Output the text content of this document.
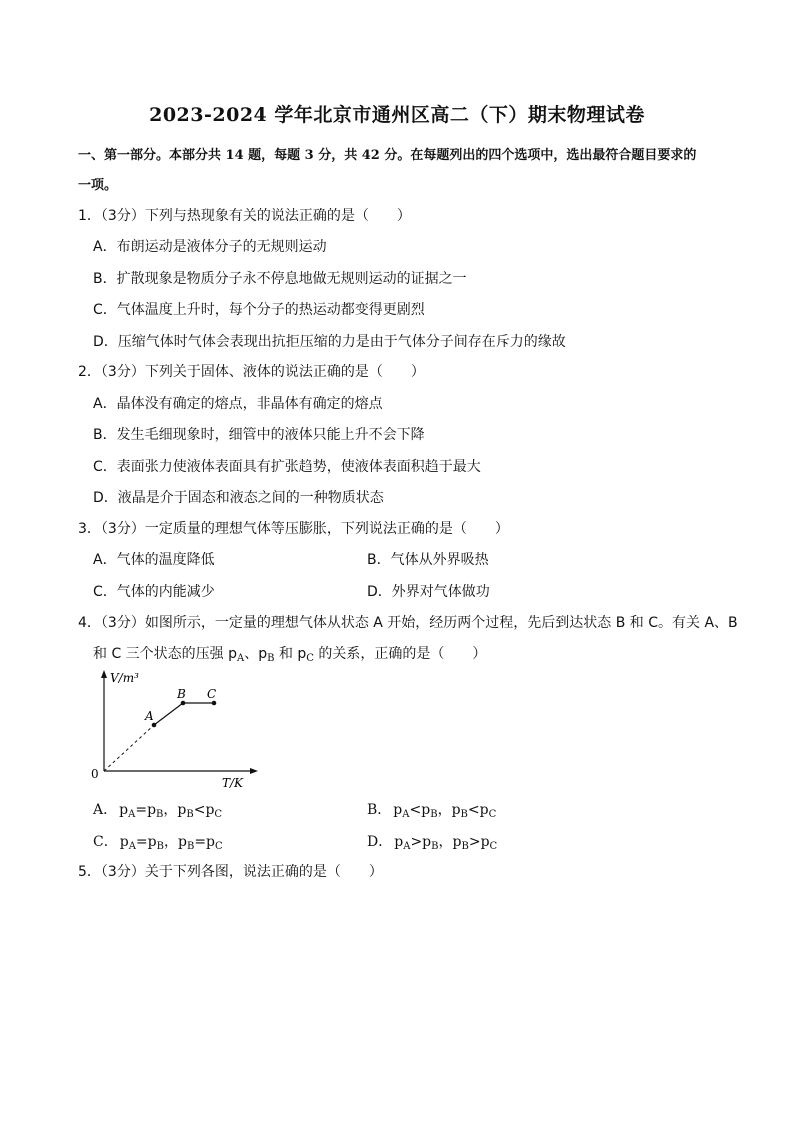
2023-2024 学年北京市通州区高二（下）期末物理试卷
一、第一部分。本部分共 14 题，每题 3 分，共 42 分。在每题列出的四个选项中，选出最符合题目要求的
一项。
1．（3分）下列与热现象有关的说法正确的是（　　）
A．布朗运动是液体分子的无规则运动
B．扩散现象是物质分子永不停息地做无规则运动的证据之一
C．气体温度上升时，每个分子的热运动都变得更剧烈
D．压缩气体时气体会表现出抗拒压缩的力是由于气体分子间存在斥力的缘故
2．（3分）下列关于固体、液体的说法正确的是（　　）
A．晶体没有确定的熔点，非晶体有确定的熔点
B．发生毛细现象时，细管中的液体只能上升不会下降
C．表面张力使液体表面具有扩张趋势，使液体表面积趋于最大
D．液晶是介于固态和液态之间的一种物质状态
3．（3分）一定质量的理想气体等压膨胀，下列说法正确的是（　　）
A．气体的温度降低	B．气体从外界吸热
C．气体的内能减少	D．外界对气体做功
4．（3分）如图所示，一定量的理想气体从状态 A 开始，经历两个过程，先后到达状态 B 和 C。有关 A、B
和 C 三个状态的压强 $p_A$、$p_B$ 和 $p_C$ 的关系，正确的是（　　）
V/m³
T/K
0
A
B C
A． $p_A=p_B$，$p_B<p_C$	B． $p_A<p_B$，$p_B<p_C$
C． $p_A=p_B$，$p_B=p_C$	D． $p_A>p_B$，$p_B>p_C$
5．（3分）关于下列各图，说法正确的是（　　）
